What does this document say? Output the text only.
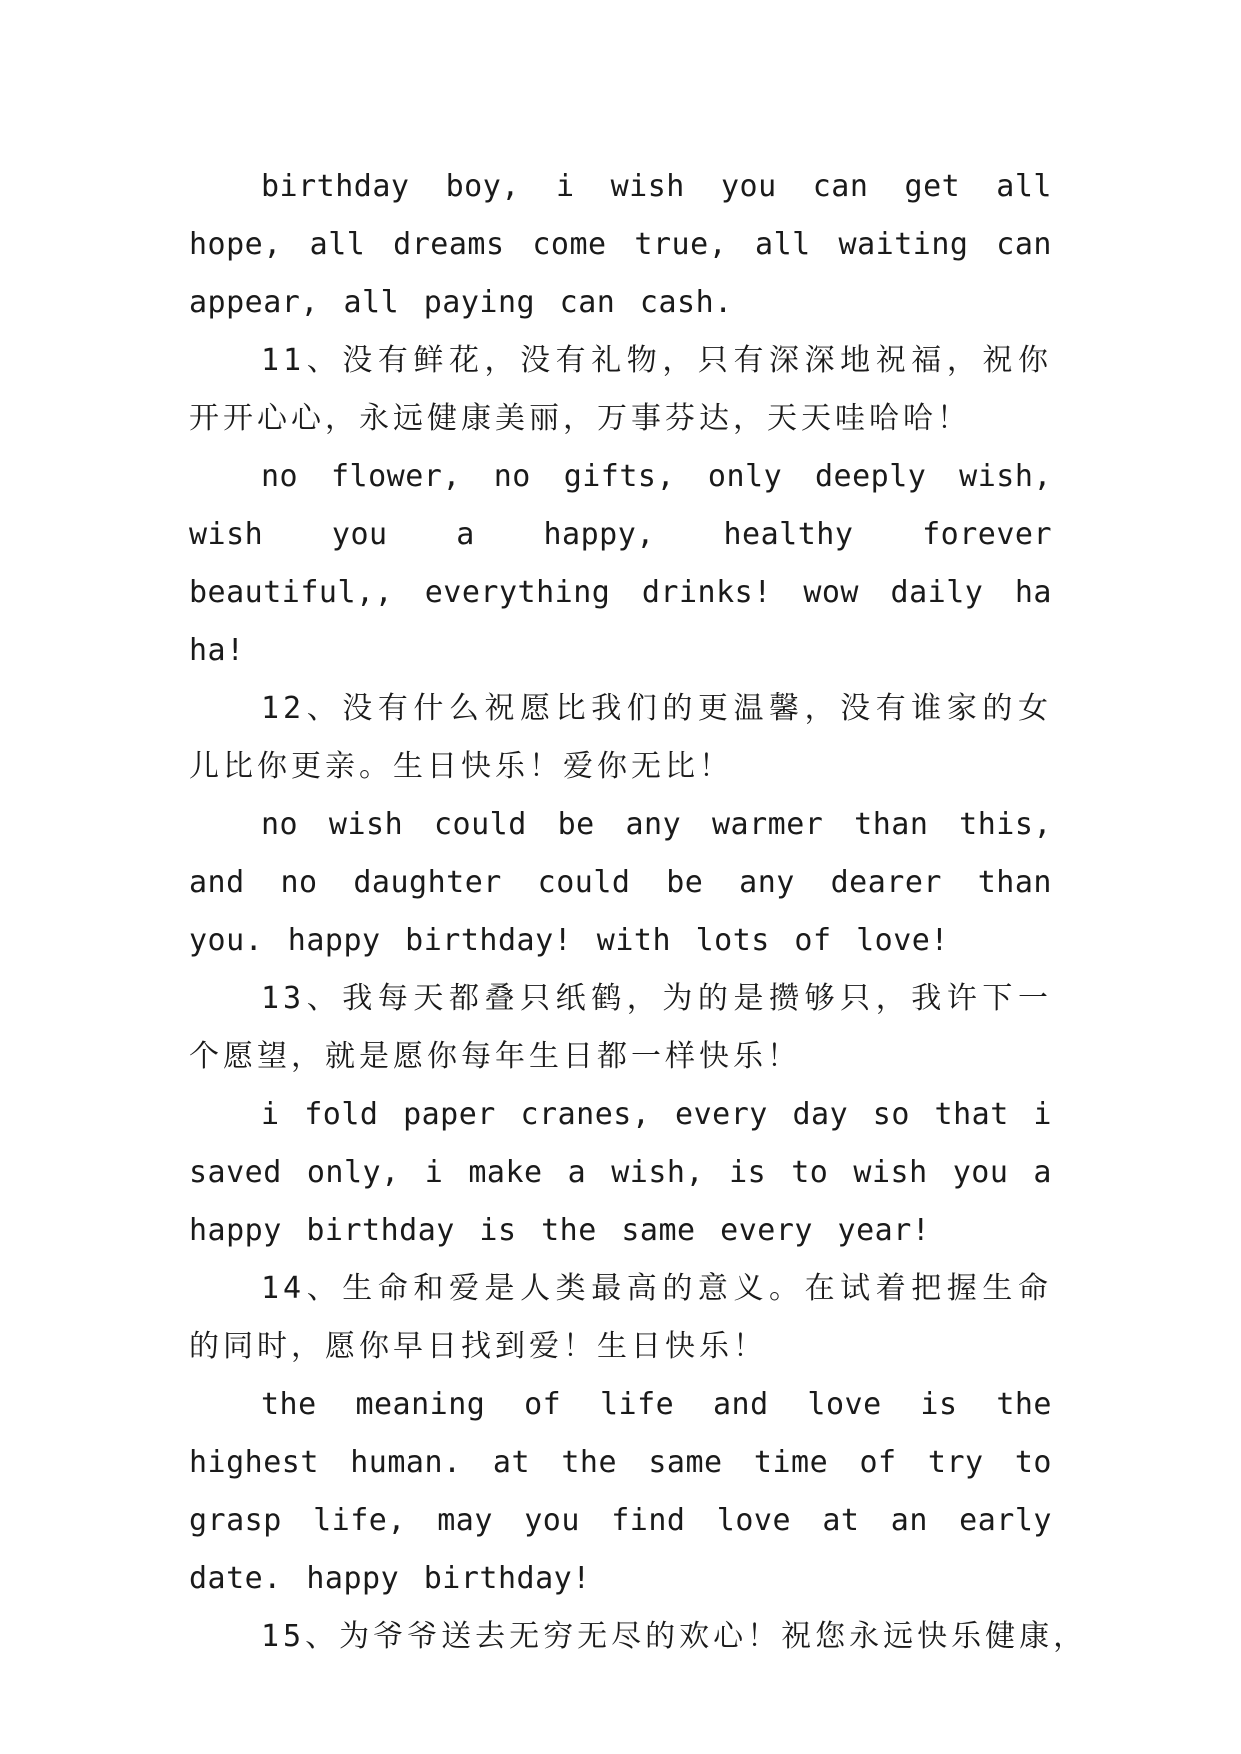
birthday boy, i wish you can get all hope, all dreams come true, all waiting can appear, all paying can cash.

11、没有鲜花，没有礼物，只有深深地祝福，祝你开开心心，永远健康美丽，万事芬达，天天哇哈哈！

no flower, no gifts, only deeply wish, wish you a happy, healthy forever beautiful,, everything drinks! wow daily ha ha!

12、没有什么祝愿比我们的更温馨，没有谁家的女儿比你更亲。生日快乐！爱你无比！

no wish could be any warmer than this, and no daughter could be any dearer than you. happy birthday! with lots of love!

13、我每天都叠只纸鹤，为的是攒够只，我许下一个愿望，就是愿你每年生日都一样快乐！

i fold paper cranes, every day so that i saved only, i make a wish, is to wish you a happy birthday is the same every year!

14、生命和爱是人类最高的意义。在试着把握生命的同时，愿你早日找到爱！生日快乐！

the meaning of life and love is the highest human. at the same time of try to grasp life, may you find love at an early date. happy birthday!

15、为爷爷送去无穷无尽的欢心！祝您永远快乐健康，
